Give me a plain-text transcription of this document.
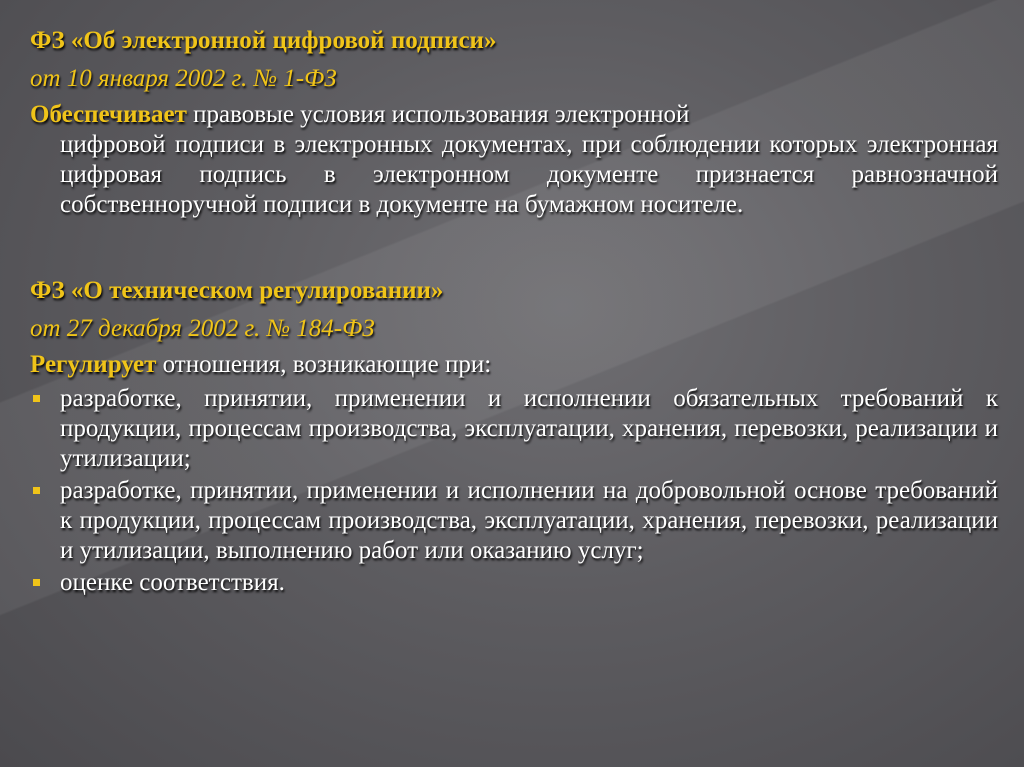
ФЗ «Об электронной цифровой подписи»

от 10 января 2002 г. № 1-ФЗ

Обеспечивает правовые условия использования электронной

цифровой подписи в электронных документах, при соблюдении которых электронная цифровая подпись в электронном документе признается равнозначной собственноручной подписи в документе на бумажном носителе.

ФЗ «О техническом регулировании»

от 27 декабря 2002 г. № 184-ФЗ

Регулирует отношения, возникающие при:

разработке, принятии, применении и исполнении обязательных требований к продукции, процессам производства, эксплуатации, хранения, перевозки, реализации и утилизации;
разработке, принятии, применении и исполнении на добровольной основе требований к продукции, процессам производства, эксплуатации, хранения, перевозки, реализации и утилизации, выполнению работ или оказанию услуг;
оценке соответствия.
